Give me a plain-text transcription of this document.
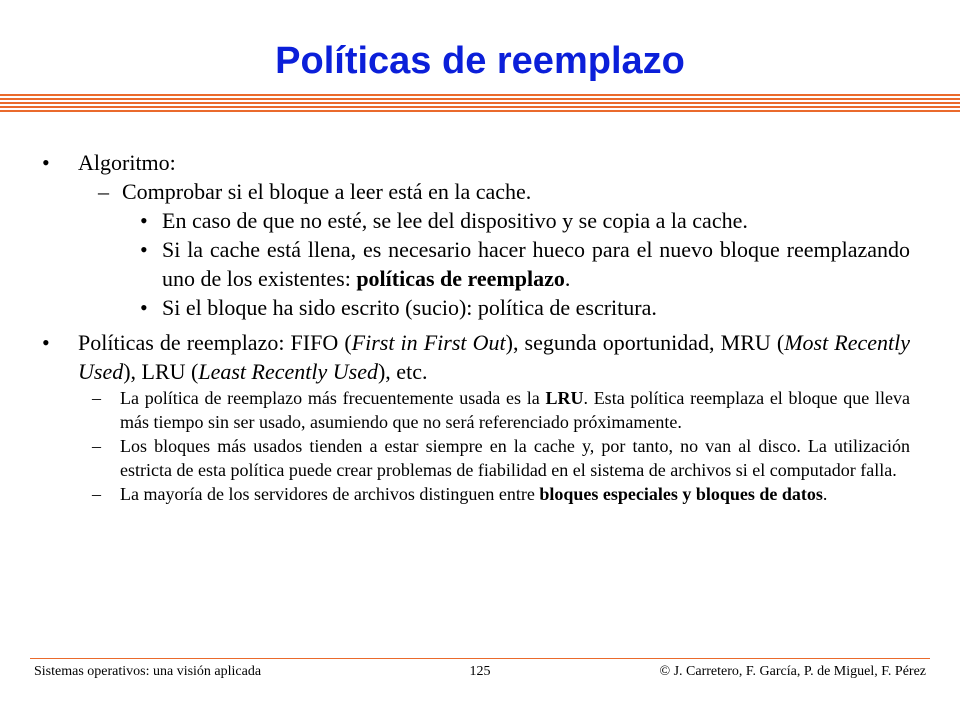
Políticas de reemplazo
• Algoritmo:
– Comprobar si el bloque a leer está en la cache.
• En caso de que no esté, se lee del dispositivo y se copia a la cache.
• Si la cache está llena, es necesario hacer hueco para el nuevo bloque reemplazando uno de los existentes: políticas de reemplazo.
• Si el bloque ha sido escrito (sucio): política de escritura.
• Políticas de reemplazo: FIFO (First in First Out), segunda oportunidad, MRU (Most Recently Used), LRU (Least Recently Used), etc.
– La política de reemplazo más frecuentemente usada es la LRU. Esta política reemplaza el bloque que lleva más tiempo sin ser usado, asumiendo que no será referenciado próximamente.
– Los bloques más usados tienden a estar siempre en la cache y, por tanto, no van al disco. La utilización estricta de esta política puede crear problemas de fiabilidad en el sistema de archivos si el computador falla.
– La mayoría de los servidores de archivos distinguen entre bloques especiales y bloques de datos.
Sistemas operativos: una visión aplicada	125	© J. Carretero, F. García, P. de Miguel, F. Pérez
